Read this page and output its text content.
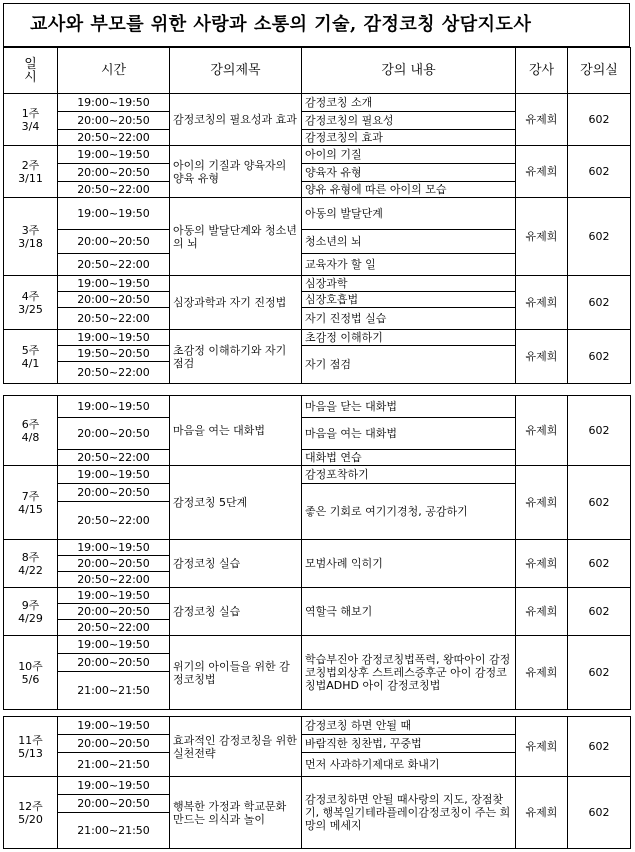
교사와 부모를 위한 사랑과 소통의 기술, 감정코칭 상담지도사
일
시	시간	강의제목	강의 내용	강사	강의실

1주
3/4	19:00~19:50	감정코칭의 필요성과 효과	감정코칭 소개	유제희	602
	20:00~20:50		감정코칭의 필요성		
	20:50~22:00		감정코칭의 효과		

2주
3/11	19:00~19:50	아이의 기질과 양육자의 양육 유형	아이의 기질	유제희	602
	20:00~20:50		양육자 유형		
	20:50~22:00		양유 유형에 따른 아이의 모습		

3주
3/18	19:00~19:50	아동의 발달단계와 청소년의 뇌	아동의 발달단계	유제희	602
	20:00~20:50		청소년의 뇌		
	20:50~22:00		교육자가 할 일		

4주
3/25	19:00~19:50	심장과학과 자기 진정법	심장과학	유제희	602
	20:00~20:50		심장호흡법		
	20:50~22:00		자기 진정법 실습		

5주
4/1	19:00~19:50	초감정 이해하기와 자기 점검	초감정 이해하기	유제희	602
	19:50~20:50		자기 점검		
	20:50~22:00				
6주
4/8	19:00~19:50	마음을 여는 대화법	마음을 닫는 대화법	유제희	602
	20:00~20:50		마음을 여는 대화법		
	20:50~22:00		대화법 연습		

7주
4/15	19:00~19:50	감정코칭 5단계	감정포착하기	유제희	602
	20:00~20:50		좋은 기회로 여기기경청, 공감하기		
	20:50~22:00				

8주
4/22	19:00~19:50	감정코칭 실습	모범사례 익히기	유제희	602
	20:00~20:50				
	20:50~22:00				

9주
4/29	19:00~19:50	감정코칭 실습	역할극 해보기	유제희	602
	20:00~20:50				
	20:50~22:00				

10주
5/6	19:00~19:50	위기의 아이들을 위한 감정코칭법	학습부진아 감정코칭법폭력, 왕따아이 감정코칭법외상후 스트레스증후군 아이 감정코칭법ADHD 아이 감정코칭법	유제희	602
	20:00~20:50				
	21:00~21:50				
11주
5/13	19:00~19:50	효과적인 감정코칭을 위한 실천전략	감정코칭 하면 안될 때	유제희	602
	20:00~20:50		바람직한 칭찬법, 꾸중법		
	21:00~21:50		먼저 사과하기제대로 화내기		

12주
5/20	19:00~19:50	행복한 가정과 학교문화 만드는 의식과 놀이	감정코칭하면 안될 때사랑의 지도, 장점찾기, 행복일기테라플레이감정코칭이 주는 희망의 메세지	유제희	602
	20:00~20:50				
	21:00~21:50				
